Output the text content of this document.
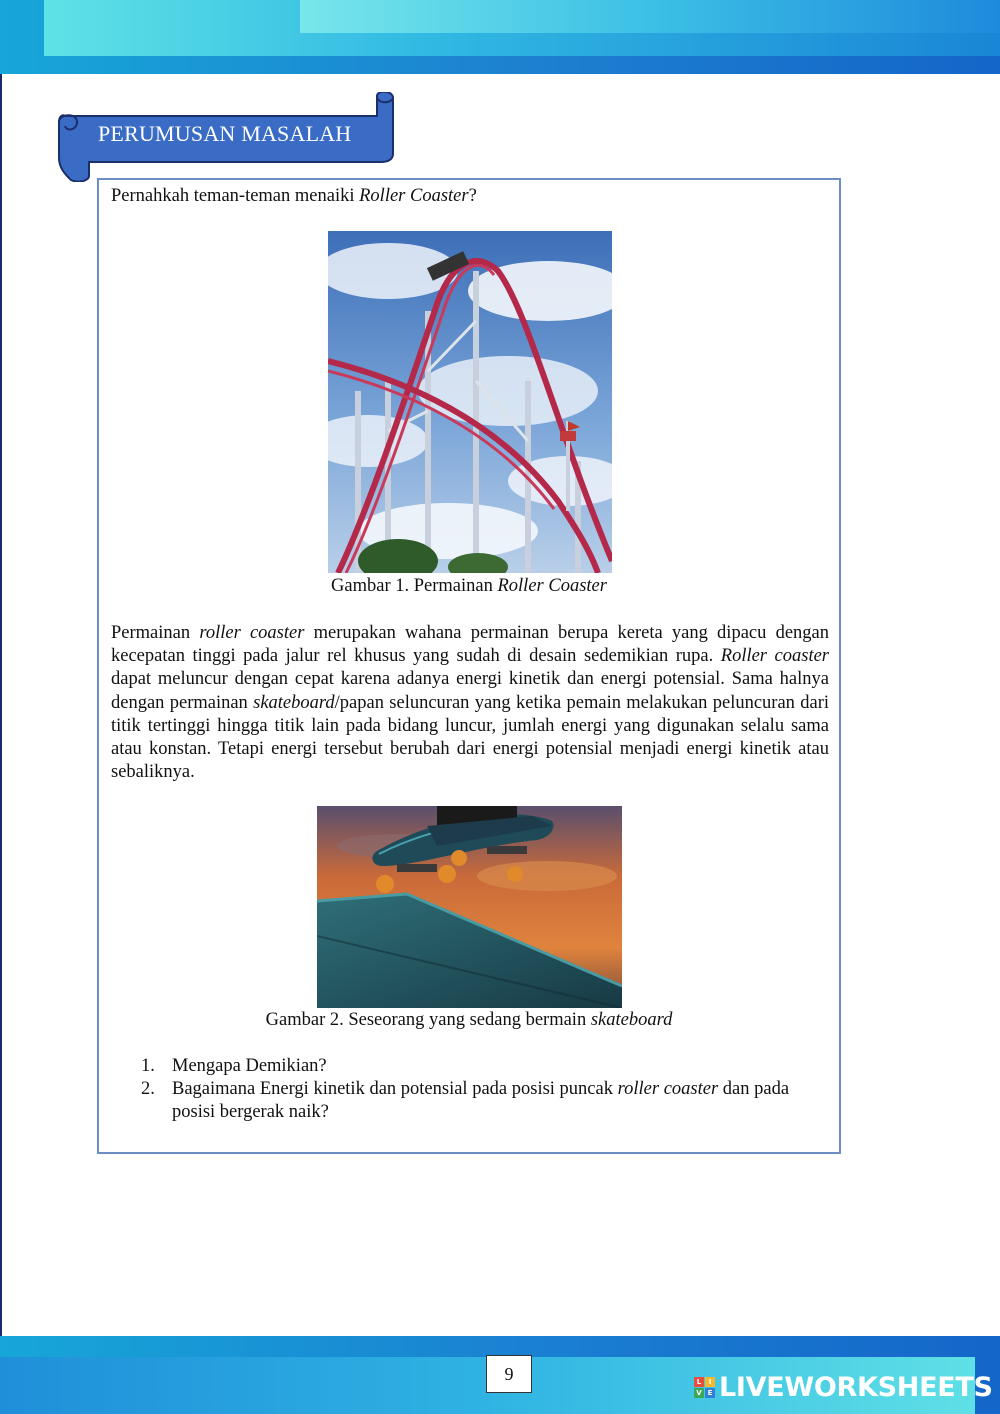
PERUMUSAN MASALAH
Pernahkah teman-teman menaiki Roller Coaster?
Gambar 1. Permainan Roller Coaster
Permainan roller coaster merupakan wahana permainan berupa kereta yang dipacu dengan kecepatan tinggi pada jalur rel khusus yang sudah di desain sedemikian rupa. Roller coaster dapat meluncur dengan cepat karena adanya energi kinetik dan energi potensial. Sama halnya dengan permainan skateboard/papan seluncuran yang ketika pemain melakukan peluncuran dari titik tertinggi hingga titik lain pada bidang luncur, jumlah energi yang digunakan selalu sama atau konstan. Tetapi energi tersebut berubah dari energi potensial menjadi energi kinetik atau sebaliknya.
Gambar 2. Seseorang yang sedang bermain skateboard
1. Mengapa Demikian?
2. Bagaimana Energi kinetik dan potensial pada posisi puncak roller coaster dan pada posisi bergerak naik?
9	L	I
V E LIVEWORKSHEETS
